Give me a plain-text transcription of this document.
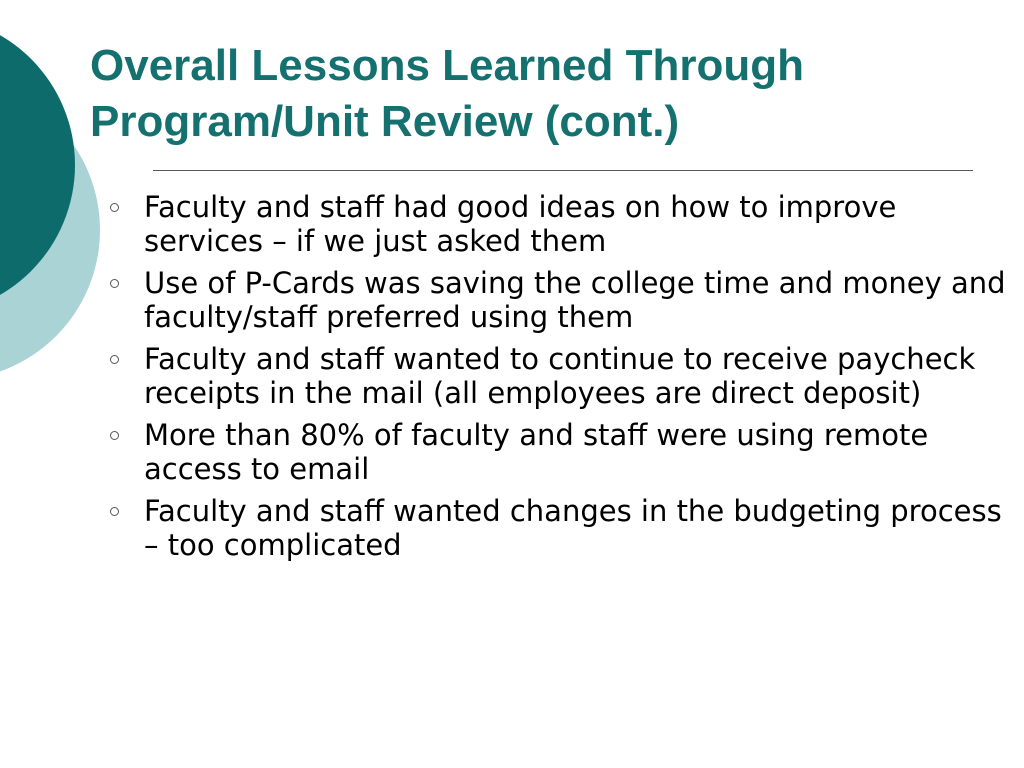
Overall Lessons Learned Through Program/Unit Review (cont.)
Faculty and staff had good ideas on how to improve services – if we just asked them
Use of P-Cards was saving the college time and money and faculty/staff preferred using them
Faculty and staff wanted to continue to receive paycheck receipts in the mail (all employees are direct deposit)
More than 80% of faculty and staff were using remote access to email
Faculty and staff wanted changes in the budgeting process – too complicated
